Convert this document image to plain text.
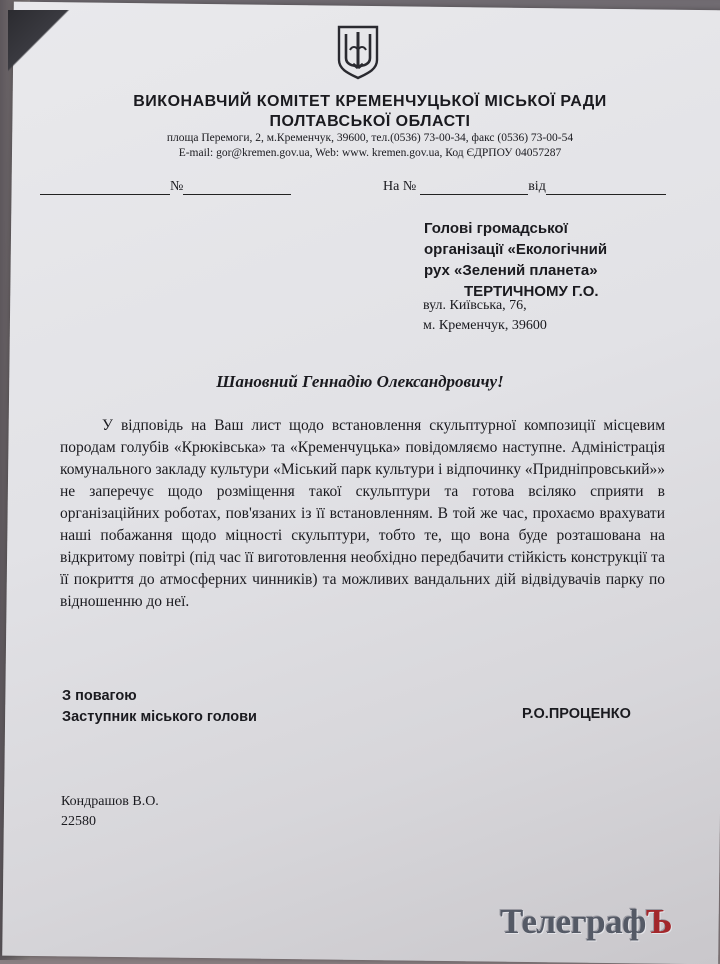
ВИКОНАВЧИЙ КОМІТЕТ КРЕМЕНЧУЦЬКОЇ МІСЬКОЇ РАДИ

ПОЛТАВСЬКОЇ ОБЛАСТІ

площа Перемоги, 2, м.Кременчук, 39600, тел.(0536) 73-00-34, факс (0536) 73-00-54

E-mail: gor@kremen.gov.ua, Web: www. kremen.gov.ua, Код ЄДРПОУ 04057287

№	На №	від
Голові громадської
організації «Екологічний
рух «Зелений планета»
ТЕРТИЧНОМУ Г.О.
вул. Київська, 76,
м. Кременчук, 39600

Шановний Геннадію Олександровичу!

У відповідь на Ваш лист щодо встановлення скульптурної композиції місцевим породам голубів «Крюківська» та «Кременчуцька» повідомляємо наступне. Адміністрація комунального закладу культури «Міський парк культури і відпочинку «Придніпровський»» не заперечує щодо розміщення такої скульптури та готова всіляко сприяти в організаційних роботах, пов'язаних із її встановленням. В той же час, прохаємо врахувати наші побажання щодо міцності скульптури, тобто те, що вона буде розташована на відкритому повітрі (під час її виготовлення необхідно передбачити стійкість конструкції та її покриття до атмосферних чинників) та можливих вандальних дій відвідувачів парку по відношенню до неї.

З повагою
Заступник міського голови	Р.О.ПРОЦЕНКО

Кондрашов В.О.
22580
ТелеграфЪ
